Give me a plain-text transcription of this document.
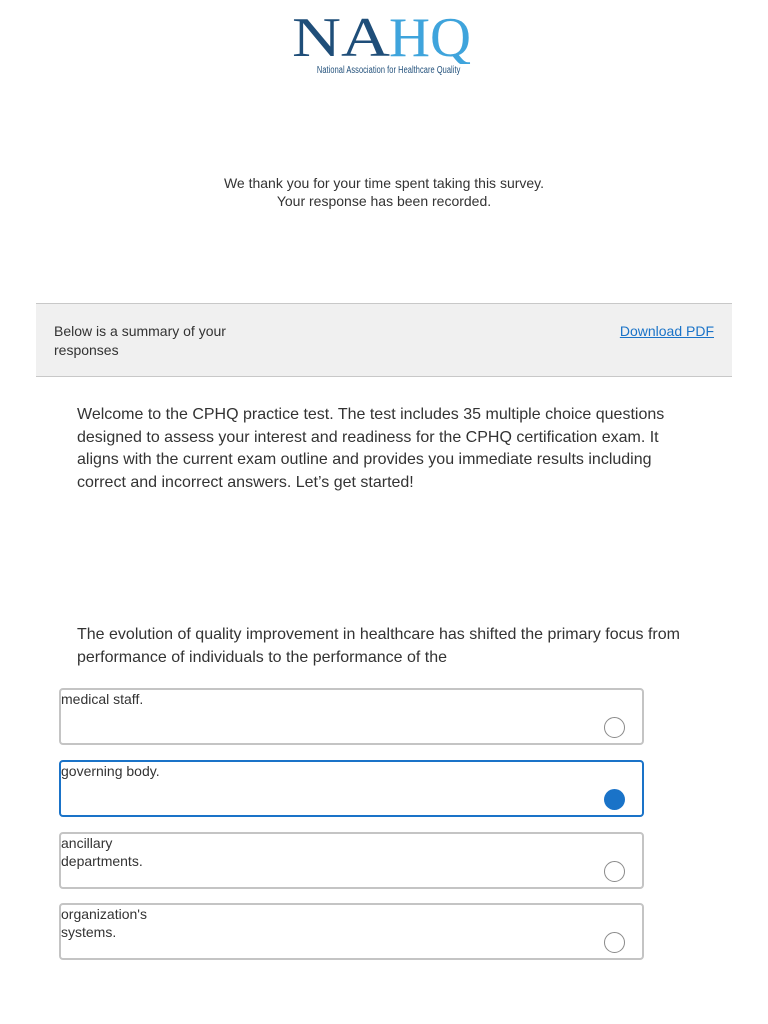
NA
HQ
National Association for Healthcare Quality

We thank you for your time spent taking this survey.

Your response has been recorded.

Below is a summary of your responses
Download PDF
Welcome to the CPHQ practice test. The test includes 35 multiple choice questions designed to assess your interest and readiness for the CPHQ certification exam. It aligns with the current exam outline and provides you immediate results including correct and incorrect answers. Let’s get started!
The evolution of quality improvement in healthcare has shifted the primary focus from performance of individuals to the performance of the
medical staff.
governing body.
ancillary departments.
organization's systems.
